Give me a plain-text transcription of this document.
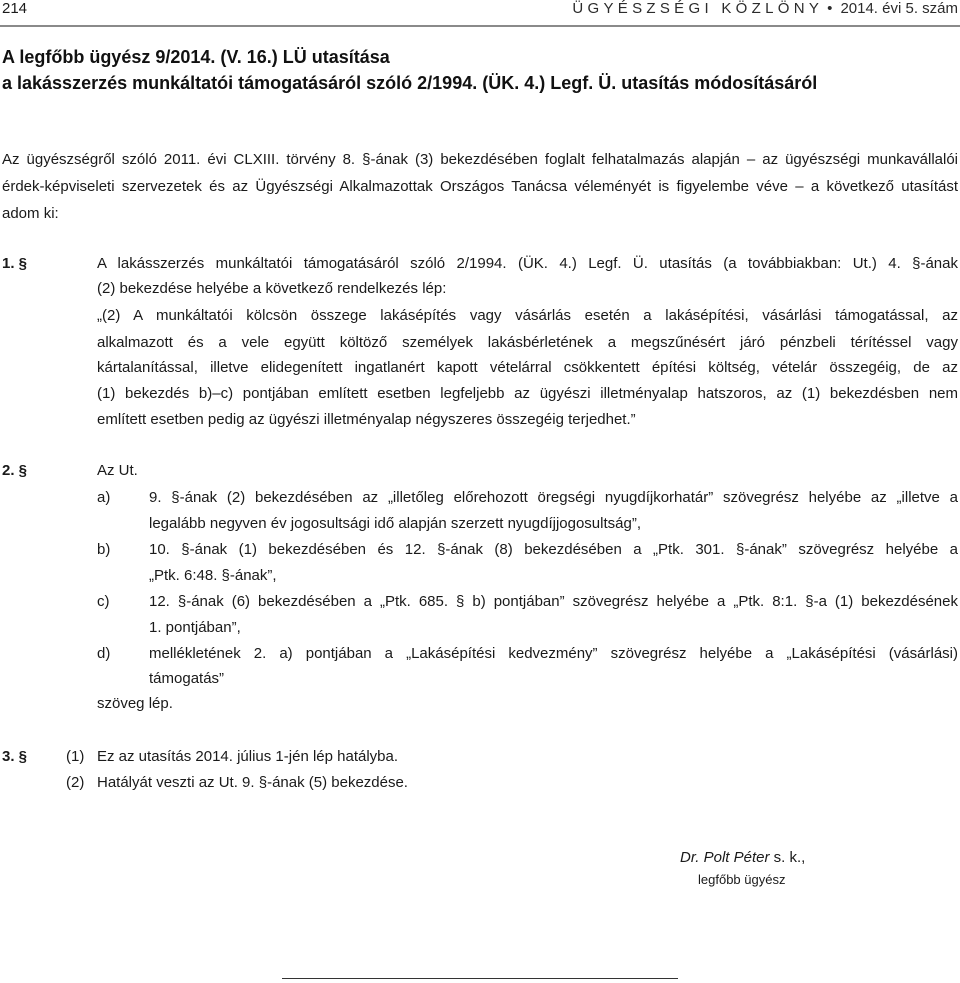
214	ÜGYÉSZSÉGI KÖZLÖNY • 2014. évi 5. szám
A legfőbb ügyész 9/2014. (V. 16.) LÜ utasítása
a lakásszerzés munkáltatói támogatásáról szóló 2/1994. (ÜK. 4.) Legf. Ü. utasítás módosításáról
Az ügyészségről szóló 2011. évi CLXIII. törvény 8. §-ának (3) bekezdésében foglalt felhatalmazás alapján – az ügyészségi munkavállalói
érdek-képviseleti szervezetek és az Ügyészségi Alkalmazottak Országos Tanácsa véleményét is figyelembe véve – a következő utasítást
adom ki:
1. §	A lakásszerzés munkáltatói támogatásáról szóló 2/1994. (ÜK. 4.) Legf. Ü. utasítás (a továbbiakban: Ut.) 4. §-ának
(2) bekezdése helyébe a következő rendelkezés lép:
„(2) A munkáltatói kölcsön összege lakásépítés vagy vásárlás esetén a lakásépítési, vásárlási támogatással, az
alkalmazott és a vele együtt költöző személyek lakásbérletének a megszűnésért járó pénzbeli térítéssel vagy
kártalanítással, illetve elidegenített ingatlanért kapott vételárral csökkentett építési költség, vételár összegéig, de az
(1) bekezdés b)–c) pontjában említett esetben legfeljebb az ügyészi illetményalap hatszoros, az (1) bekezdésben nem
említett esetben pedig az ügyészi illetményalap négyszeres összegéig terjedhet.”
2. §	Az Ut.
a)	9. §-ának (2) bekezdésében az „illetőleg előrehozott öregségi nyugdíjkorhatár” szövegrész helyébe az „illetve a
legalább negyven év jogosultsági idő alapján szerzett nyugdíjjogosultság”,
b)	10. §-ának (1) bekezdésében és 12. §-ának (8) bekezdésében a „Ptk. 301. §-ának” szövegrész helyébe a
„Ptk. 6:48. §-ának”,
c)	12. §-ának (6) bekezdésében a „Ptk. 685. § b) pontjában” szövegrész helyébe a „Ptk. 8:1. §-a (1) bekezdésének
1. pontjában”,
d)	mellékletének 2. a) pontjában a „Lakásépítési kedvezmény” szövegrész helyébe a „Lakásépítési (vásárlási)
támogatás”
szöveg lép.
3. §	(1) Ez az utasítás 2014. július 1-jén lép hatályba.
(2) Hatályát veszti az Ut. 9. §-ának (5) bekezdése.
Dr. Polt Péter s. k.,
legfőbb ügyész
